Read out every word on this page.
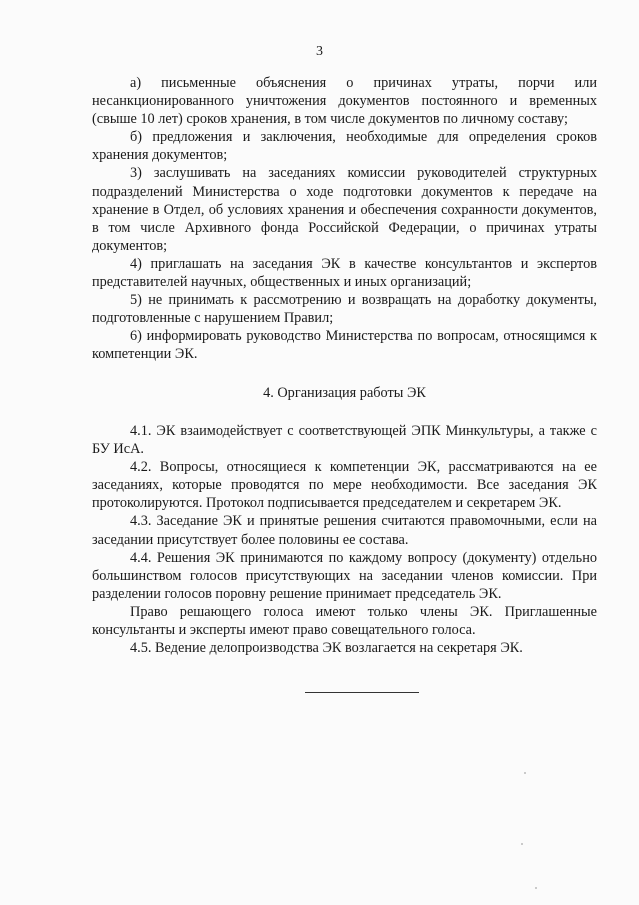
3

а) письменные объяснения о причинах утраты, порчи или несанкционированного уничтожения документов постоянного и временных (свыше 10 лет) сроков хранения, в том числе документов по личному составу;

б) предложения и заключения, необходимые для определения сроков хранения документов;

3) заслушивать на заседаниях комиссии руководителей структурных подразделений Министерства о ходе подготовки документов к передаче на хранение в Отдел, об условиях хранения и обеспечения сохранности документов, в том числе Архивного фонда Российской Федерации, о причинах утраты документов;

4) приглашать на заседания ЭК в качестве консультантов и экспертов представителей научных, общественных и иных организаций;

5) не принимать к рассмотрению и возвращать на доработку документы, подготовленные с нарушением Правил;

6) информировать руководство Министерства по вопросам, относящимся к компетенции ЭК.

4. Организация работы ЭК

4.1. ЭК взаимодействует с соответствующей ЭПК Минкультуры, а также с БУ ИсА.

4.2. Вопросы, относящиеся к компетенции ЭК, рассматриваются на ее заседаниях, которые проводятся по мере необходимости. Все заседания ЭК протоколируются. Протокол подписывается председателем и секретарем ЭК.

4.3. Заседание ЭК и принятые решения считаются правомочными, если на заседании присутствует более половины ее состава.

4.4. Решения ЭК принимаются по каждому вопросу (документу) отдельно большинством голосов присутствующих на заседании членов комиссии. При разделении голосов поровну решение принимает председатель ЭК.

Право решающего голоса имеют только члены ЭК. Приглашенные консультанты и эксперты имеют право совещательного голоса.

4.5. Ведение делопроизводства ЭК возлагается на секретаря ЭК.
